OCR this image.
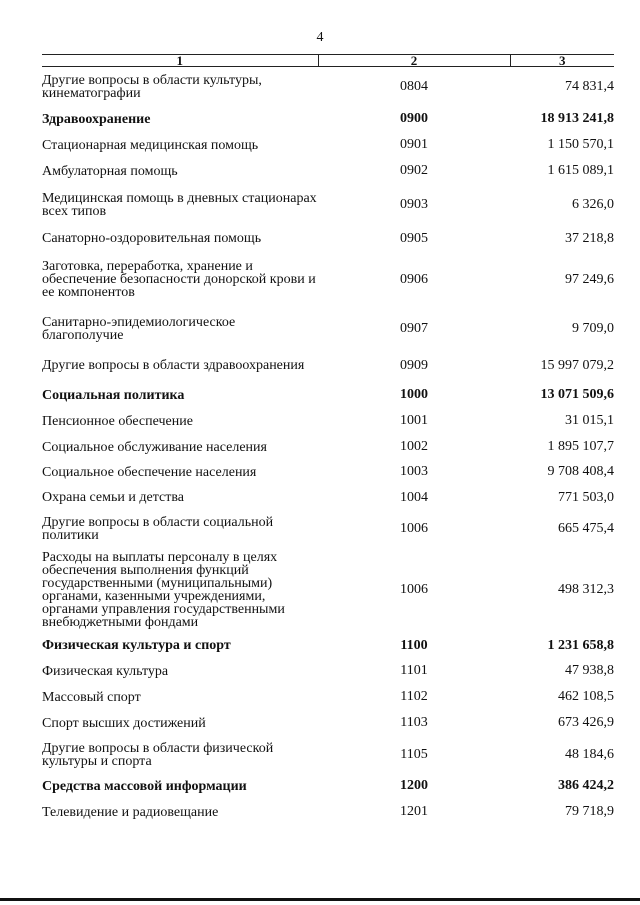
4
1	2	3
Другие вопросы в области культуры, кинематографии	0804	74 831,4
Здравоохранение	0900	18 913 241,8
Стационарная медицинская помощь	0901	1 150 570,1
Амбулаторная помощь	0902	1 615 089,1
Медицинская помощь в дневных стационарах всех типов	0903	6 326,0
Санаторно-оздоровительная помощь	0905	37 218,8
Заготовка, переработка, хранение и обеспечение безопасности донорской крови и ее компонентов	0906	97 249,6
Санитарно-эпидемиологическое благополучие	0907	9 709,0
Другие вопросы в области здравоохранения	0909	15 997 079,2
Социальная политика	1000	13 071 509,6
Пенсионное обеспечение	1001	31 015,1
Социальное обслуживание населения	1002	1 895 107,7
Социальное обеспечение населения	1003	9 708 408,4
Охрана семьи и детства	1004	771 503,0
Другие вопросы в области социальной политики	1006	665 475,4
Расходы на выплаты персоналу в целях обеспечения выполнения функций государственными (муниципальными) органами, казенными учреждениями, органами управления государственными внебюджетными фондами	1006	498 312,3
Физическая культура и спорт	1100	1 231 658,8
Физическая культура	1101	47 938,8
Массовый спорт	1102	462 108,5
Спорт высших достижений	1103	673 426,9
Другие вопросы в области физической культуры и спорта	1105	48 184,6
Средства массовой информации	1200	386 424,2
Телевидение и радиовещание	1201	79 718,9
